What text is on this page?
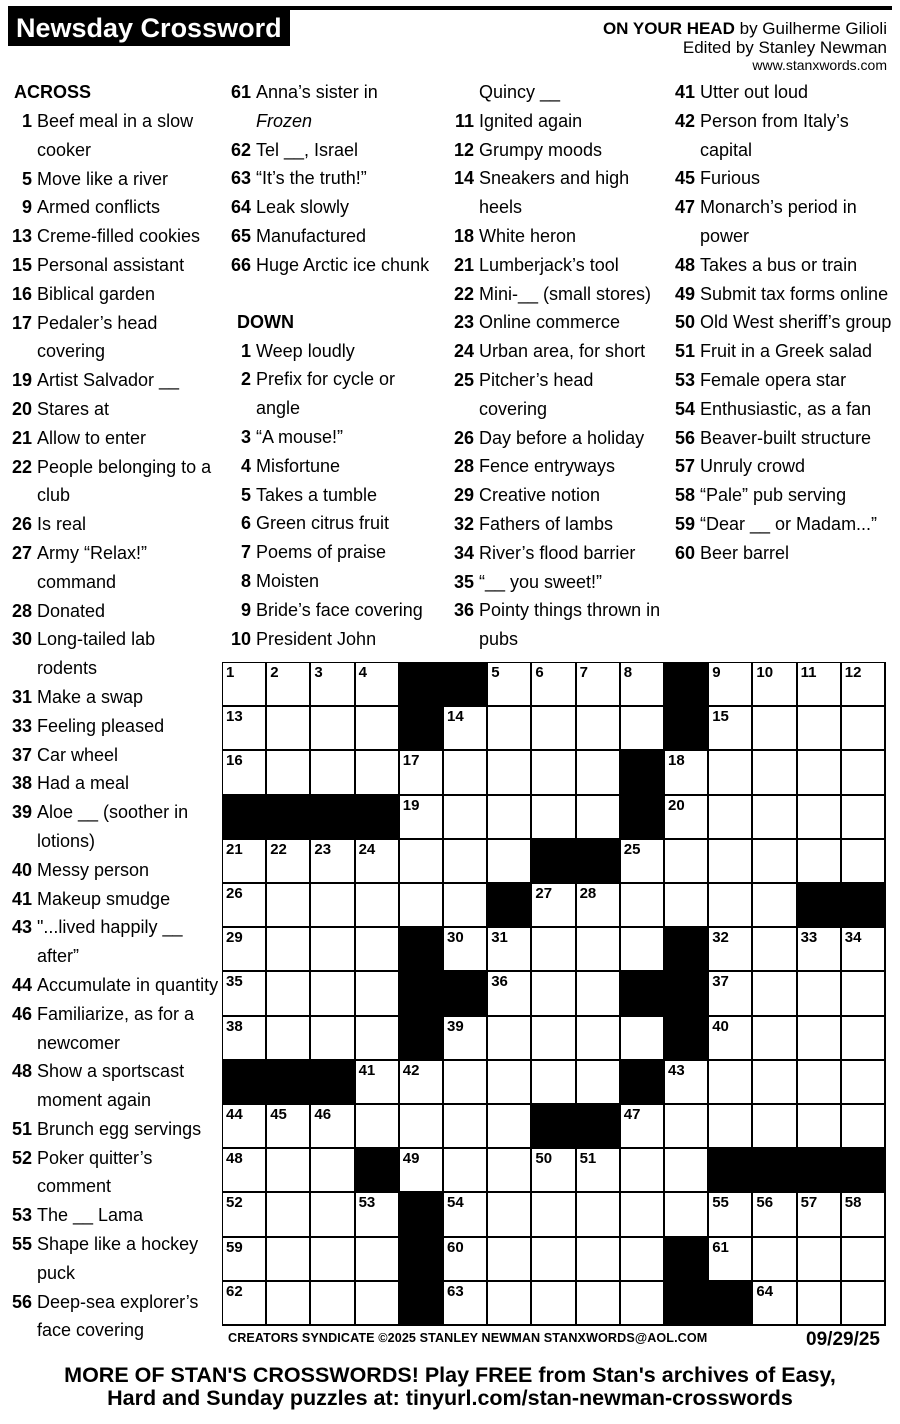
Newsday Crossword	ON YOUR HEAD by Guilherme Gilioli
Edited by Stanley Newman
www.stanxwords.com
ACROSS
1 Beef meal in a slow cooker
5 Move like a river
9 Armed conflicts
13 Creme-filled cookies
15 Personal assistant
16 Biblical garden
17 Pedaler’s head covering
19 Artist Salvador __
20 Stares at
21 Allow to enter
22 People belonging to a club
26 Is real
27 Army “Relax!” command
28 Donated
30 Long-tailed lab rodents
31 Make a swap
33 Feeling pleased
37 Car wheel
38 Had a meal
39 Aloe __ (soother in lotions)
40 Messy person
41 Makeup smudge
43 "...lived happily __ after”
44 Accumulate in quantity
46 Familiarize, as for a newcomer
48 Show a sportscast moment again
51 Brunch egg servings
52 Poker quitter’s comment
53 The __ Lama
55 Shape like a hockey puck
56 Deep-sea explorer’s face covering
61 Anna’s sister in
Frozen
62 Tel __, Israel
63 “It’s the truth!”
64 Leak slowly
65 Manufactured
66 Huge Arctic ice chunk
DOWN
1 Weep loudly
2 Prefix for cycle or angle
3 “A mouse!”
4 Misfortune
5 Takes a tumble
6 Green citrus fruit
7 Poems of praise
8 Moisten
9 Bride’s face covering
10 President John
Quincy __
11 Ignited again
12 Grumpy moods
14 Sneakers and high heels
18 White heron
21 Lumberjack’s tool
22 Mini-__ (small stores)
23 Online commerce
24 Urban area, for short
25 Pitcher’s head covering
26 Day before a holiday
28 Fence entryways
29 Creative notion
32 Fathers of lambs
34 River’s flood barrier
35 “__ you sweet!”
36 Pointy things thrown in pubs
41 Utter out loud
42 Person from Italy’s capital
45 Furious
47 Monarch’s period in power
48 Takes a bus or train
49 Submit tax forms online
50 Old West sheriff’s group
51 Fruit in a Greek salad
53 Female opera star
54 Enthusiastic, as a fan
56 Beaver-built structure
57 Unruly crowd
58 “Pale” pub serving
59 “Dear __ or Madam...”
60 Beer barrel
1 2 3 4	5 6 7 8	9 10 11 12
13	14	15
16	17	18
19	20
21 22 23 24	25
26	27 28
29	30 31	32	33 34
35	36	37
38	39	40
41 42	43
44 45 46	47
48	49	50 51
52	53	54	55 56 57 58
59	60	61
62	63	64
CREATORS SYNDICATE ©2025 STANLEY NEWMAN STANXWORDS@AOL.COM	09/29/25
MORE OF STAN'S CROSSWORDS! Play FREE from Stan's archives of Easy,
Hard and Sunday puzzles at: tinyurl.com/stan-newman-crosswords
